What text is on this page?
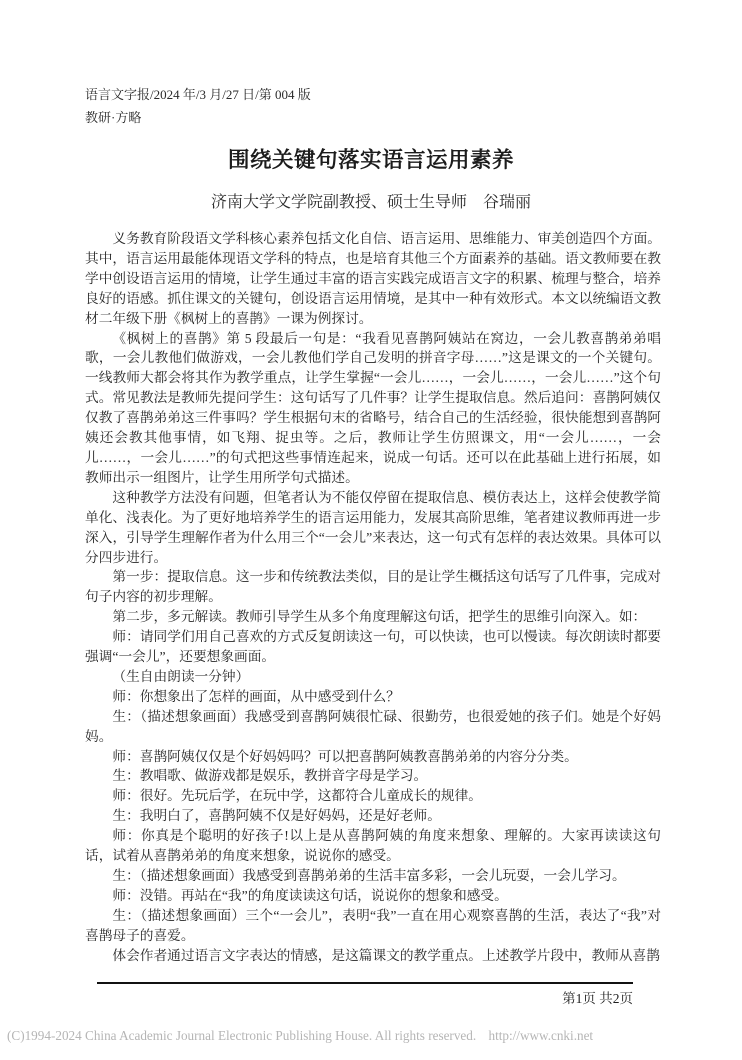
语言文字报/2024 年/3 月/27 日/第 004 版
教研·方略
围绕关键句落实语言运用素养
济南大学文学院副教授、硕士生导师　谷瑞丽

义务教育阶段语文学科核心素养包括文化自信、语言运用、思维能力、审美创造四个方面。其中，语言运用最能体现语文学科的特点，也是培育其他三个方面素养的基础。语文教师要在教学中创设语言运用的情境，让学生通过丰富的语言实践完成语言文字的积累、梳理与整合，培养良好的语感。抓住课文的关键句，创设语言运用情境，是其中一种有效形式。本文以统编语文教材二年级下册《枫树上的喜鹊》一课为例探讨。

《枫树上的喜鹊》第 5 段最后一句是：“我看见喜鹊阿姨站在窝边，一会儿教喜鹊弟弟唱歌，一会儿教他们做游戏，一会儿教他们学自己发明的拼音字母……”这是课文的一个关键句。一线教师大都会将其作为教学重点，让学生掌握“一会儿……，一会儿……，一会儿……”这个句式。常见教法是教师先提问学生：这句话写了几件事？让学生提取信息。然后追问：喜鹊阿姨仅仅教了喜鹊弟弟这三件事吗？学生根据句末的省略号，结合自己的生活经验，很快能想到喜鹊阿姨还会教其他事情，如飞翔、捉虫等。之后，教师让学生仿照课文，用“一会儿……，一会儿……，一会儿……”的句式把这些事情连起来，说成一句话。还可以在此基础上进行拓展，如教师出示一组图片，让学生用所学句式描述。

这种教学方法没有问题，但笔者认为不能仅停留在提取信息、模仿表达上，这样会使教学简单化、浅表化。为了更好地培养学生的语言运用能力，发展其高阶思维，笔者建议教师再进一步深入，引导学生理解作者为什么用三个“一会儿”来表达，这一句式有怎样的表达效果。具体可以分四步进行。

第一步：提取信息。这一步和传统教法类似，目的是让学生概括这句话写了几件事，完成对句子内容的初步理解。

第二步，多元解读。教师引导学生从多个角度理解这句话，把学生的思维引向深入。如：

师：请同学们用自己喜欢的方式反复朗读这一句，可以快读，也可以慢读。每次朗读时都要强调“一会儿”，还要想象画面。

（生自由朗读一分钟）

师：你想象出了怎样的画面，从中感受到什么？

生：（描述想象画面）我感受到喜鹊阿姨很忙碌、很勤劳，也很爱她的孩子们。她是个好妈妈。

师：喜鹊阿姨仅仅是个好妈妈吗？可以把喜鹊阿姨教喜鹊弟弟的内容分分类。

生：教唱歌、做游戏都是娱乐，教拼音字母是学习。

师：很好。先玩后学，在玩中学，这都符合儿童成长的规律。

生：我明白了，喜鹊阿姨不仅是好妈妈，还是好老师。

师：你真是个聪明的好孩子!以上是从喜鹊阿姨的角度来想象、理解的。大家再读读这句话，试着从喜鹊弟弟的角度来想象，说说你的感受。

生：（描述想象画面）我感受到喜鹊弟弟的生活丰富多彩，一会儿玩耍，一会儿学习。

师：没错。再站在“我”的角度读读这句话，说说你的想象和感受。

生：（描述想象画面）三个“一会儿”，表明“我”一直在用心观察喜鹊的生活，表达了“我”对喜鹊母子的喜爱。

体会作者通过语言文字表达的情感，是这篇课文的教学重点。上述教学片段中，教师从喜鹊

第1页 共2页
(C)1994-2024 China Academic Journal Electronic Publishing House. All rights reserved. http://www.cnki.net
